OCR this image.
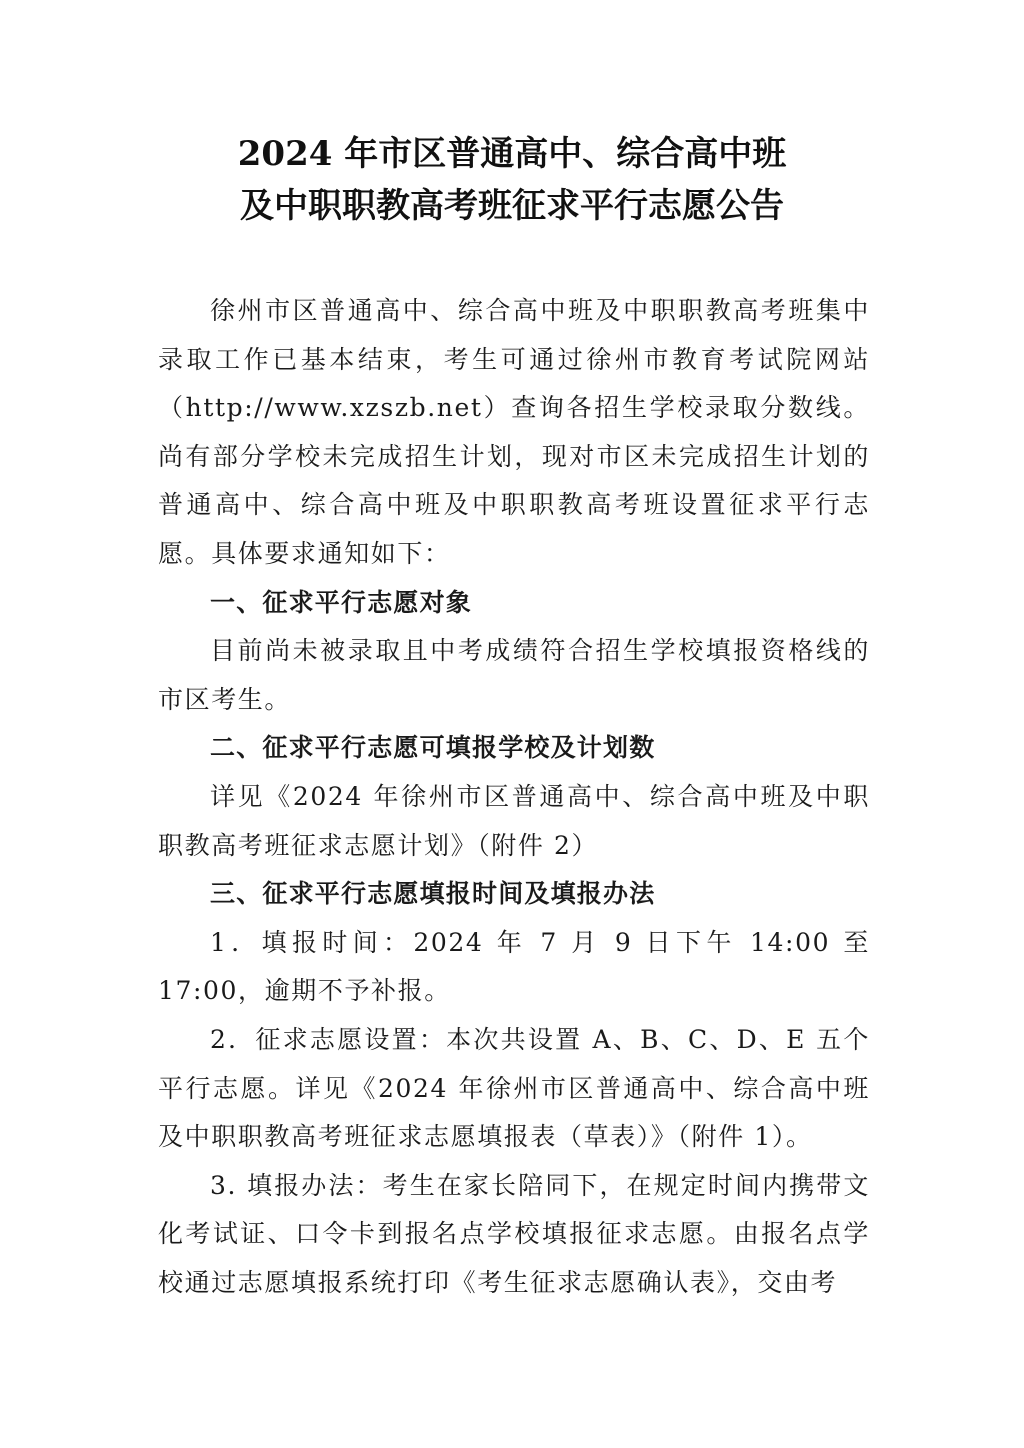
2024 年市区普通高中、综合高中班
及中职职教高考班征求平行志愿公告

徐州市区普通高中、综合高中班及中职职教高考班集中录取工作已基本结束，考生可通过徐州市教育考试院网站（http://www.xzszb.net）查询各招生学校录取分数线。尚有部分学校未完成招生计划，现对市区未完成招生计划的普通高中、综合高中班及中职职教高考班设置征求平行志愿。具体要求通知如下：

一、征求平行志愿对象

目前尚未被录取且中考成绩符合招生学校填报资格线的市区考生。

二、征求平行志愿可填报学校及计划数

详见《2024 年徐州市区普通高中、综合高中班及中职职教高考班征求志愿计划》（附件 2）

三、征求平行志愿填报时间及填报办法

1．填报时间：2024 年 7 月 9 日下午 14:00 至 17:00，逾期不予补报。

2．征求志愿设置：本次共设置 A、B、C、D、E 五个平行志愿。详见《2024 年徐州市区普通高中、综合高中班及中职职教高考班征求志愿填报表（草表）》（附件 1）。

3. 填报办法：考生在家长陪同下，在规定时间内携带文化考试证、口令卡到报名点学校填报征求志愿。由报名点学校通过志愿填报系统打印《考生征求志愿确认表》，交由考
